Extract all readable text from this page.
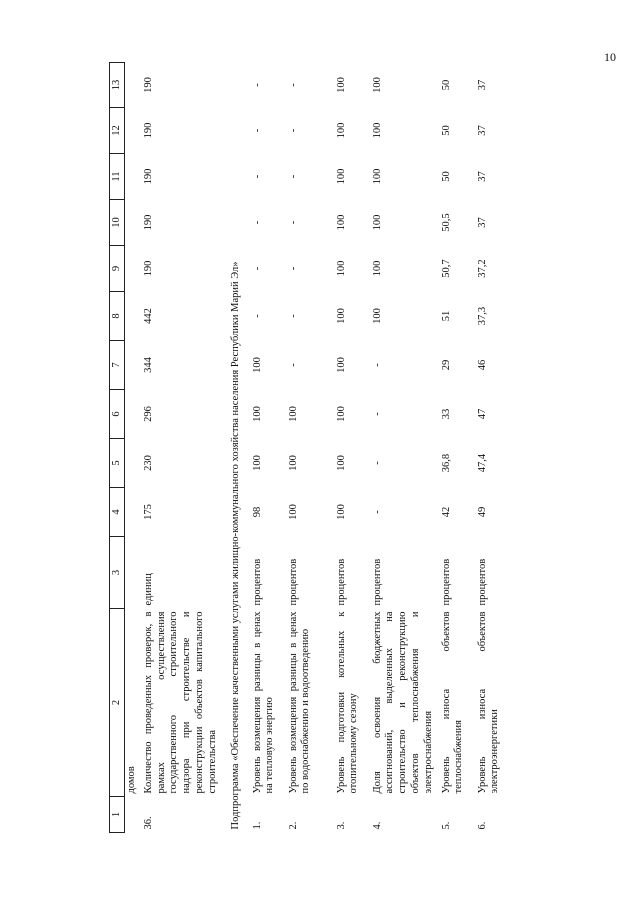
10
1	2	3	4	5	6	7	8	9	10	11	12	13
	домов											
36.	Количество проведенных проверок, в рамках осуществления государственного строительного надзора при строительстве и реконструкции объектов капитального строительства	единиц	175	230	296	344	442	190	190	190	190	190
Подпрограмма «Обеспечение качественными услугами жилищно-коммунального хозяйства населения Республики Марий Эл»												
1.	Уровень возмещения разницы в ценах на тепловую энергию	процентов	98	100	100	100	-	-	-	-	-	-
2.	Уровень возмещения разницы в ценах по водоснабжению и водоотведению	процентов	100	100	100	-	-	-	-	-	-	-
3.	Уровень подготовки котельных к отопительному сезону	процентов	100	100	100	100	100	100	100	100	100	100
4.	Доля освоения бюджетных ассигнований, выделенных на строительство и реконструкцию объектов теплоснабжения и электроснабжения	процентов	-	-	-	-	100	100	100	100	100	100
5.	Уровень износа объектов теплоснабжения	процентов	42	36,8	33	29	51	50,7	50,5	50	50	50
6.	Уровень износа объектов электроэнергетики	процентов	49	47,4	47	46	37,3	37,2	37	37	37	37
